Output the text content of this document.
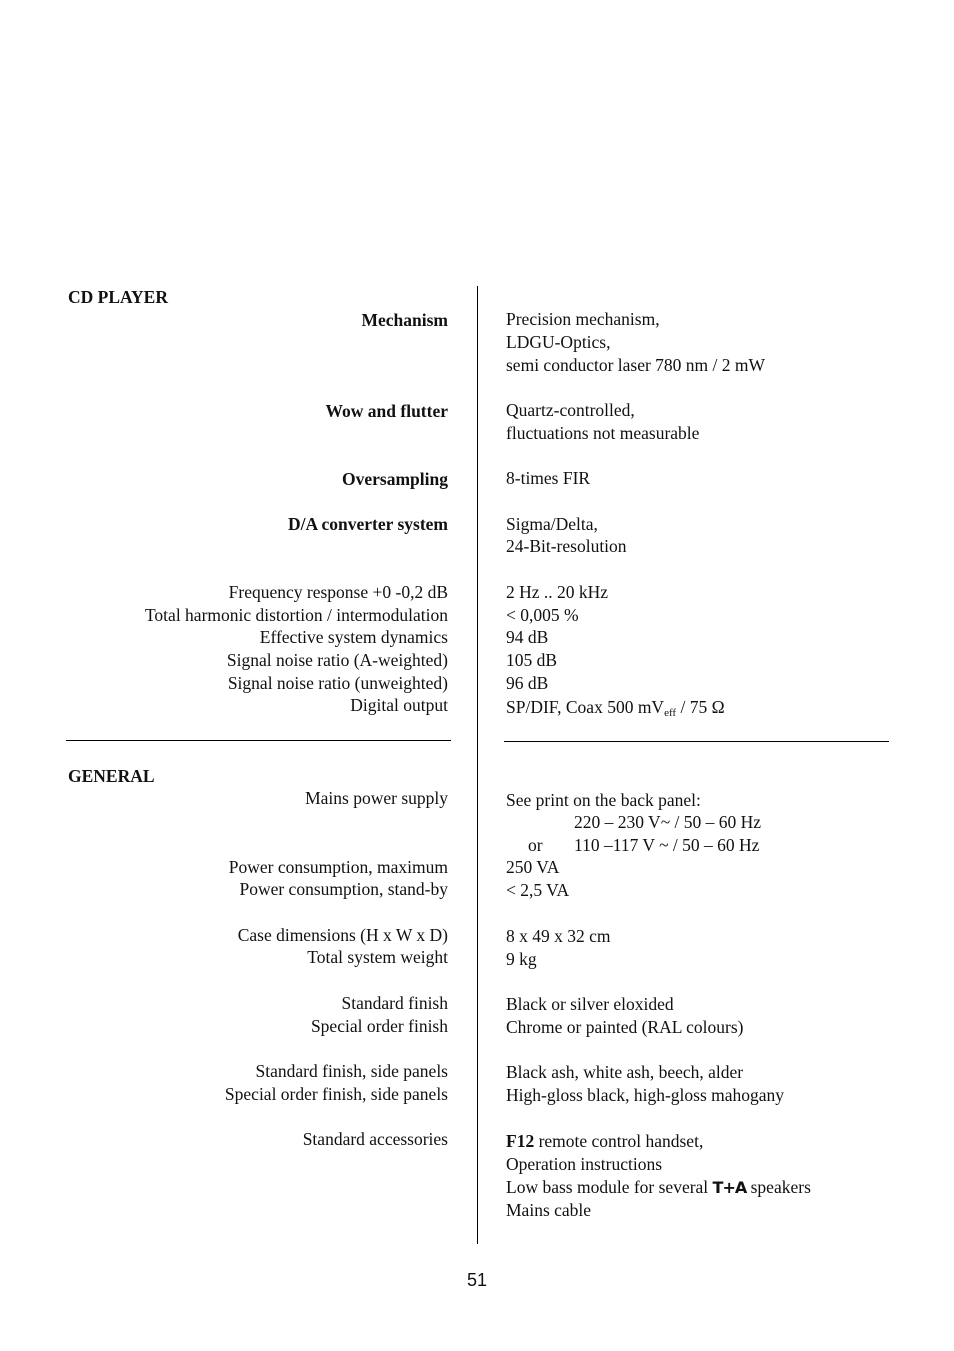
CD PLAYER
Mechanism	Precision mechanism,
LDGU-Optics,
semi conductor laser 780 nm / 2 mW
Wow and flutter	Quartz-controlled,
fluctuations not measurable
Oversampling	8-times FIR
D/A converter system	Sigma/Delta,
24-Bit-resolution
Frequency response +0 -0,2 dB	2 Hz .. 20 kHz
Total harmonic distortion / intermodulation	< 0,005 %
Effective system dynamics	94 dB
Signal noise ratio (A-weighted)	105 dB
Signal noise ratio (unweighted)	96 dB
Digital output	SP/DIF, Coax 500 $mV_{eff} / 75$ Ω
GENERAL
Mains power supply	See print on the back panel:
220 – 230 V~ / 50 – 60 Hz
or 110 –117 V ~ / 50 – 60 Hz
Power consumption, maximum	250 VA
Power consumption, stand-by	< 2,5 VA
Case dimensions (H x W x D)	8 x 49 x 32 cm
Total system weight	9 kg
Standard finish	Black or silver eloxided
Special order finish	Chrome or painted (RAL colours)
Standard finish, side panels	Black ash, white ash, beech, alder
Special order finish, side panels	High-gloss black, high-gloss mahogany
Standard accessories	F12 remote control handset,
Operation instructions
Low bass module for several T+A speakers
Mains cable
51
